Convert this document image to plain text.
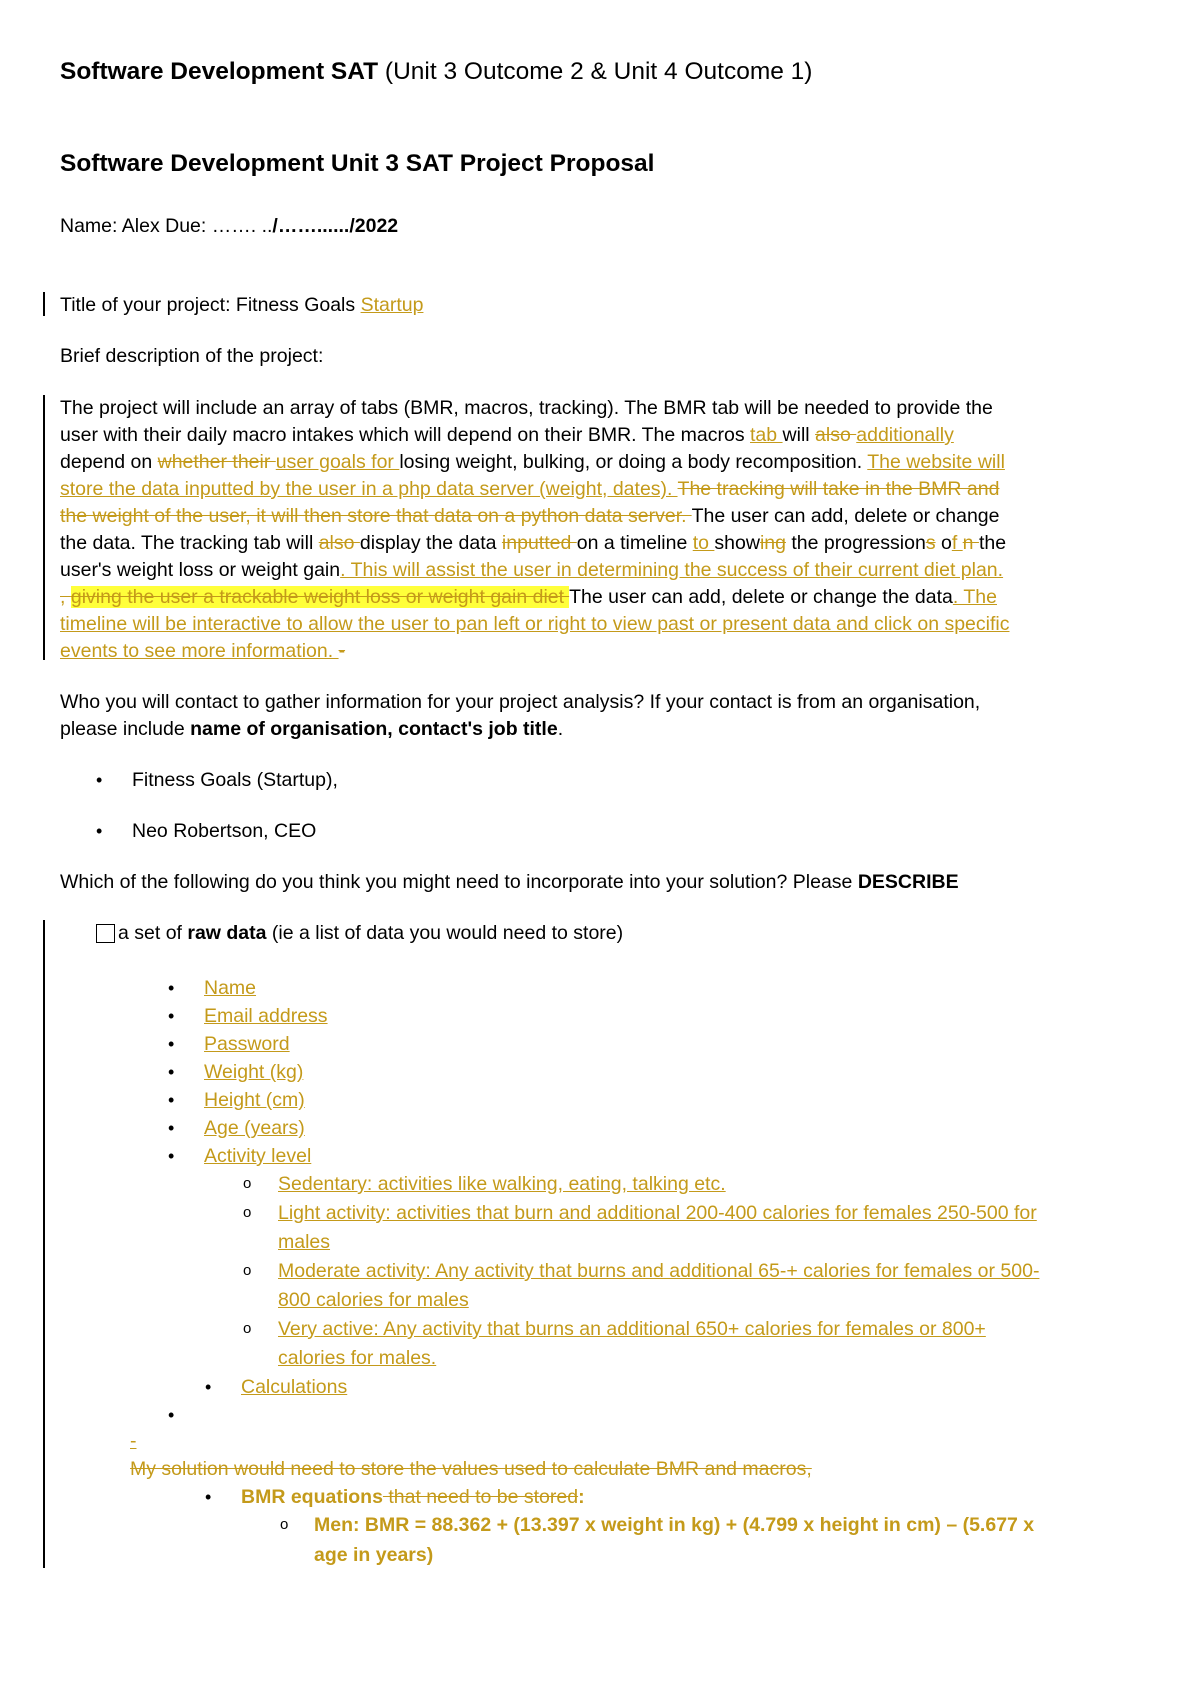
Software Development SAT (Unit 3 Outcome 2 & Unit 4 Outcome 1)
Software Development Unit 3 SAT Project Proposal
Name: Alex Due: ……. ../……....../2022
Title of your project: Fitness Goals Startup
Brief description of the project:
The project will include an array of tabs (BMR, macros, tracking). The BMR tab will be needed to provide the
user with their daily macro intakes which will depend on their BMR. The macros tab will also additionally
depend on whether their user goals for losing weight, bulking, or doing a body recomposition. The website will
store the data inputted by the user in a php data server (weight, dates). The tracking will take in the BMR and
the weight of the user, it will then store that data on a python data server. The user can add, delete or change
the data. The tracking tab will also display the data inputted on a timeline to showing the progressions of n the
user's weight loss or weight gain. This will assist the user in determining the success of their current diet plan.
, giving the user a trackable weight loss or weight gain diet The user can add, delete or change the data. The
timeline will be interactive to allow the user to pan left or right to view past or present data and click on specific
events to see more information. -
Who you will contact to gather information for your project analysis? If your contact is from an organisation,
please include name of organisation, contact's job title.
• Fitness Goals (Startup),
• Neo Robertson, CEO
Which of the following do you think you might need to incorporate into your solution? Please DESCRIBE
a set of raw data (ie a list of data you would need to store)
• Name
• Email address
• Password
• Weight (kg)
• Height (cm)
• Age (years)
• Activity level
o Sedentary: activities like walking, eating, talking etc.
o Light activity: activities that burn and additional 200-400 calories for females 250-500 for
males
o Moderate activity: Any activity that burns and additional 65-+ calories for females or 500-
800 calories for males
o Very active: Any activity that burns an additional 650+ calories for females or 800+
calories for males.
• Calculations
•
-
My solution would need to store the values used to calculate BMR and macros,
• BMR equations that need to be stored:
o Men: BMR = 88.362 + (13.397 x weight in kg) + (4.799 x height in cm) – (5.677 x
age in years)
